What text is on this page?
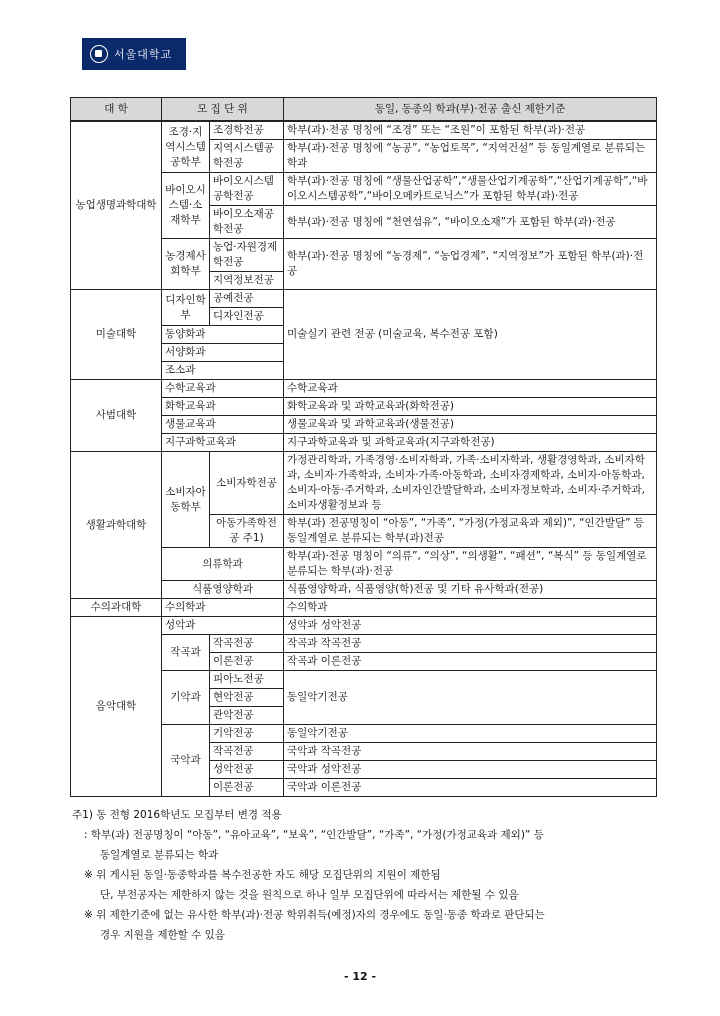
서울대학교
대 학	모 집 단 위		동일, 동종의 학과(부)·전공 출신 제한기준
농업생명과학대학	조경·지역시스템공학부	조경학전공	학부(과)·전공 명칭에 “조경” 또는 “조원”이 포함된 학부(과)·전공
		지역시스템공학전공	학부(과)·전공 명칭에 “농공”, “농업토목”, “지역건설” 등 동일계열로 분류되는 학과
	바이오시스템·소재학부	바이오시스템공학전공	학부(과)·전공 명칭에 “생물산업공학”,“생물산업기계공학”,“산업기계공학”,“바이오시스템공학”,“바이오메카트로닉스”가 포함된 학부(과)·전공
		바이오소재공학전공	학부(과)·전공 명칭에 “천연섬유”, “바이오소재”가 포함된 학부(과)·전공
	농경제사회학부	농업·자원경제학전공	학부(과)·전공 명칭에 “농경제”, “농업경제”, “지역정보”가 포함된 학부(과)·전공
		지역정보전공	
미술대학	디자인학부	공예전공	미술실기 관련 전공 (미술교육, 복수전공 포함)
		디자인전공	
	동양화과		
	서양화과		
	조소과		
사범대학	수학교육과		수학교육과
	화학교육과		화학교육과 및 과학교육과(화학전공)
	생물교육과		생물교육과 및 과학교육과(생물전공)
	지구과학교육과		지구과학교육과 및 과학교육과(지구과학전공)
생활과학대학	소비자아동학부	소비자학전공	가정관리학과, 가족경영·소비자학과, 가족·소비자학과, 생활경영학과, 소비자학과, 소비자·가족학과, 소비자·가족·아동학과, 소비자경제학과, 소비자·아동학과, 소비자·아동·주거학과, 소비자인간발달학과, 소비자정보학과, 소비자·주거학과, 소비자생활정보과 등
		아동가족학전공 주1)	학부(과) 전공명칭이 “아동”, “가족”, “가정(가정교육과 제외)”, “인간발달” 등 동일계열로 분류되는 학부(과)전공
	의류학과		학부(과)·전공 명칭이 “의류”, “의상”, “의생활”, “패션”, “복식” 등 동일계열로 분류되는 학부(과)·전공
	식품영양학과		식품영양학과, 식품영양(학)전공 및 기타 유사학과(전공)
수의과대학	수의학과		수의학과
음악대학	성악과		성악과 성악전공
	작곡과	작곡전공	작곡과 작곡전공
		이론전공	작곡과 이론전공
	기악과	피아노전공	동일악기전공
		현악전공	
		관악전공	
	국악과	기악전공	동일악기전공
		작곡전공	국악과 작곡전공
		성악전공	국악과 성악전공
		이론전공	국악과 이론전공

주1) 동 전형 2016학년도 모집부터 변경 적용

: 학부(과) 전공명칭이 “아동”, “유아교육”, “보육”, “인간발달”, “가족”, “가정(가정교육과 제외)” 등

동일계열로 분류되는 학과

※ 위 게시된 동일·동종학과를 복수전공한 자도 해당 모집단위의 지원이 제한됨

단, 부전공자는 제한하지 않는 것을 원칙으로 하나 일부 모집단위에 따라서는 제한될 수 있음

※ 위 제한기준에 없는 유사한 학부(과)·전공 학위취득(예정)자의 경우에도 동일·동종 학과로 판단되는

경우 지원을 제한할 수 있음

- 12 -
